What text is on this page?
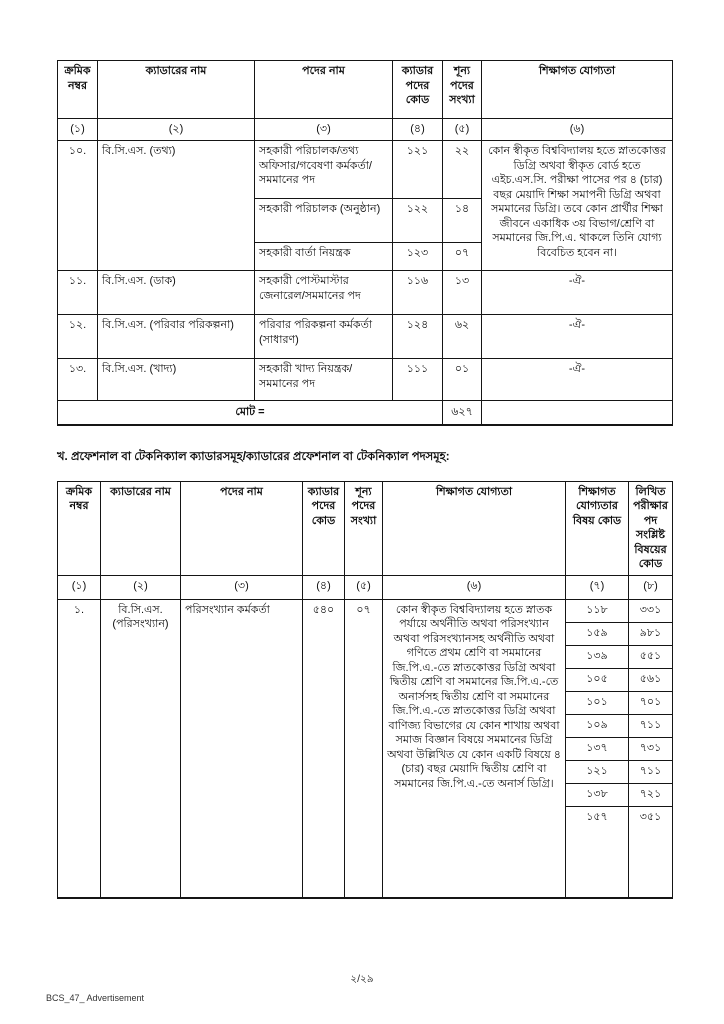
ক্রমিক নম্বর	ক্যাডারের নাম	পদের নাম	ক্যাডার পদের কোড	শূন্য পদের সংখ্যা	শিক্ষাগত যোগ্যতা
(১)	(২)	(৩)	(৪)	(৫)	(৬)
১০.	বি.সি.এস. (তথ্য)	সহকারী পরিচালক/তথ্য অফিসার/গবেষণা কর্মকর্তা/সমমানের পদ	১২১	২২	কোন স্বীকৃত বিশ্ববিদ্যালয় হতে স্নাতকোত্তর ডিগ্রি অথবা স্বীকৃত বোর্ড হতে এইচ.এস.সি. পরীক্ষা পাসের পর ৪ (চার) বছর মেয়াদি শিক্ষা সমাপনী ডিগ্রি অথবা সমমানের ডিগ্রি। তবে কোন প্রার্থীর শিক্ষা জীবনে একাধিক ৩য় বিভাগ/শ্রেণি বা সমমানের জি.পি.এ. থাকলে তিনি যোগ্য বিবেচিত হবেন না।
		সহকারী পরিচালক (অনুষ্ঠান)	১২২	১৪	
		সহকারী বার্তা নিয়ন্ত্রক	১২৩	০৭	
১১.	বি.সি.এস. (ডাক)	সহকারী পোস্টমাস্টার জেনারেল/সমমানের পদ	১১৬	১৩	-ঐ-
১২.	বি.সি.এস. (পরিবার পরিকল্পনা)	পরিবার পরিকল্পনা কর্মকর্তা (সাধারণ)	১২৪	৬২	-ঐ-
১৩.	বি.সি.এস. (খাদ্য)	সহকারী খাদ্য নিয়ন্ত্রক/সমমানের পদ	১১১	০১	-ঐ-
মোট =				৬২৭	
খ. প্রফেশনাল বা টেকনিক্যাল ক্যাডারসমূহ/ক্যাডারের প্রফেশনাল বা টেকনিক্যাল পদসমূহ:
ক্রমিক নম্বর	ক্যাডারের নাম	পদের নাম	ক্যাডার পদের কোড	শূন্য পদের সংখ্যা	শিক্ষাগত যোগ্যতা	শিক্ষাগত যোগ্যতার বিষয় কোড	লিখিত পরীক্ষার পদ সংশ্লিষ্ট বিষয়ের কোড
(১)	(২)	(৩)	(৪)	(৫)	(৬)	(৭)	(৮)
১.	বি.সি.এস. (পরিসংখ্যান)	পরিসংখ্যান কর্মকর্তা	৫৪০	০৭	কোন স্বীকৃত বিশ্ববিদ্যালয় হতে স্নাতক পর্যায়ে অর্থনীতি অথবা পরিসংখ্যান অথবা পরিসংখ্যানসহ অর্থনীতি অথবা গণিতে প্রথম শ্রেণি বা সমমানের জি.পি.এ.-তে স্নাতকোত্তর ডিগ্রি অথবা দ্বিতীয় শ্রেণি বা সমমানের জি.পি.এ.-তে অনার্সসহ দ্বিতীয় শ্রেণি বা সমমানের জি.পি.এ.-তে স্নাতকোত্তর ডিগ্রি অথবা বাণিজ্য বিভাগের যে কোন শাখায় অথবা সমাজ বিজ্ঞান বিষয়ে সমমানের ডিগ্রি অথবা উল্লিখিত যে কোন একটি বিষয়ে ৪ (চার) বছর মেয়াদি দ্বিতীয় শ্রেণি বা সমমানের জি.পি.এ.-তে অনার্স ডিগ্রি।	১১৮	৩৩১
						১৫৯	৯৮১
						১৩৯	৫৫১
						১০৫	৫৬১
						১০১	৭০১
						১০৯	৭১১
						১৩৭	৭৩১
						১২১	৭১১
						১৩৮	৭২১
						১৫৭	৩৫১
২/২৯
BCS_47_ Advertisement
